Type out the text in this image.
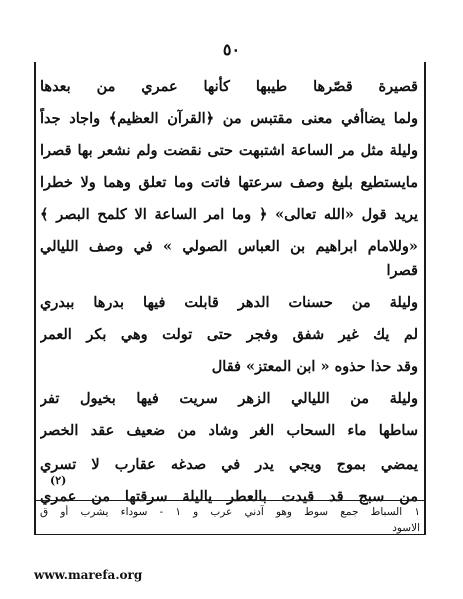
٥٠
قصيرة قصّرها طيبها كأنها عمري من بعدها
ولما يضاأفي معنى مقتبس من ﴿القرآن العظيم﴾ واجاد جداً
وليلة مثل مر الساعة اشتبهت حتى نقضت ولم نشعر بها قصرا
مايستطيع بليغ وصف سرعتها فاتت وما تعلق وهما ولا خطرا
يريد قول «الله تعالى» ﴿ وما امر الساعة الا كلمح البصر ﴾
«وللامام ابراهيم بن العباس الصولي » في وصف الليالي
قصرا
وليلة من حسنات الدهر قابلت فيها بدرها ببدري
لم يك غير شفق وفجر حتى تولت وهي بكر العمر
وقد حذا حذوه « ابن المعتز» فقال
وليلة من الليالي الزهر سريت فيها بخيول تفر
ساطها ماء السحاب الغر وشاد من ضعيف عقد الخصر
يمضي بموج ويجي يدر في صدغه عقارب لا تسري
من سبج قد قيدت بالعطر ياليلة سرقتها من عمري
(٢)
١ السباط جمع سوط وهو آدني عرب و ١ - سوداء يشرب أو ق
الاسود
www.marefa.org
